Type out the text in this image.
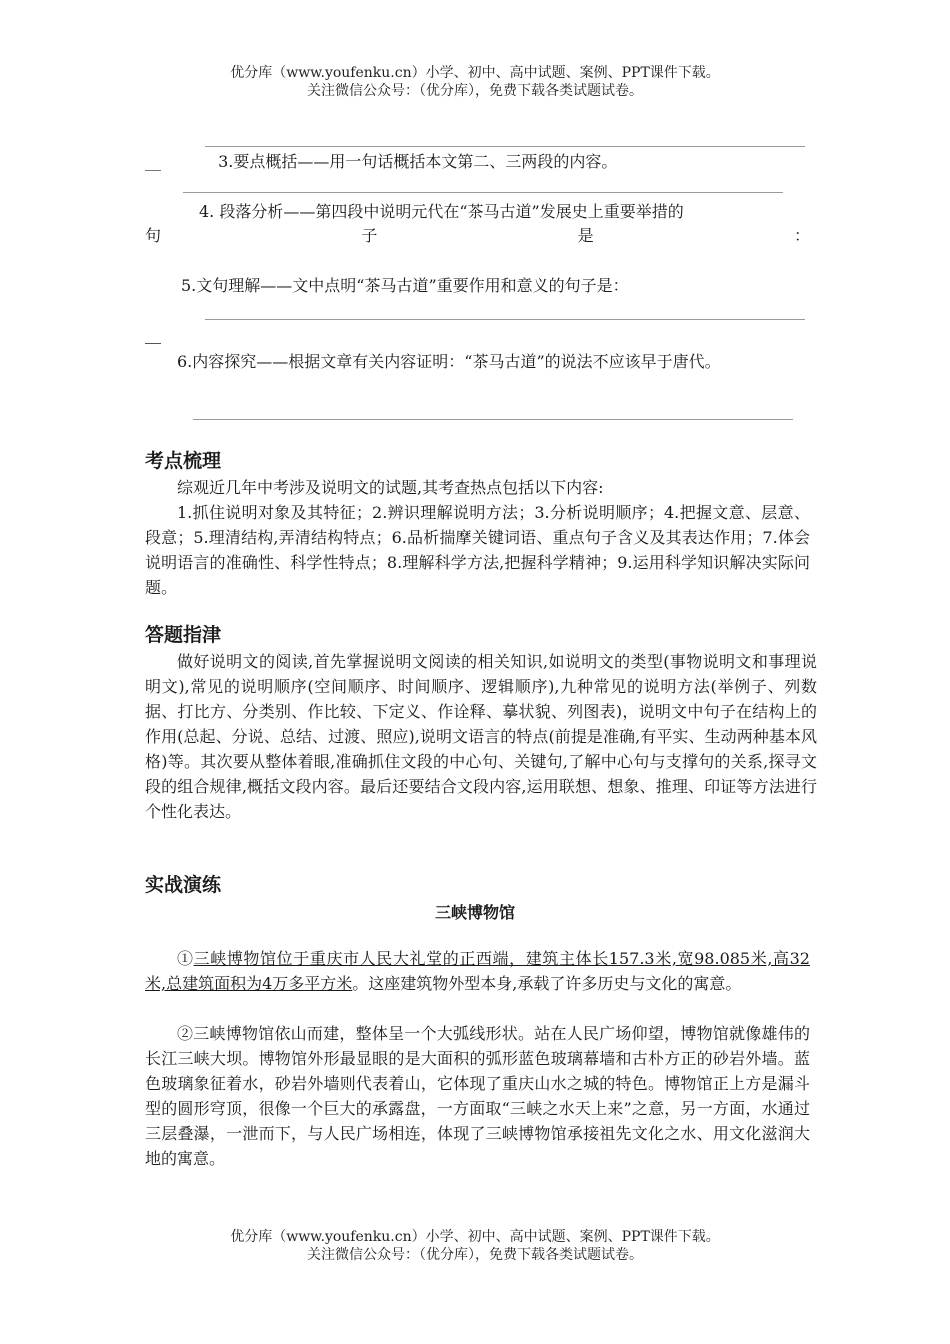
优分库（www.youfenku.cn）小学、初中、高中试题、案例、PPT课件下载。
关注微信公众号：（优分库），免费下载各类试题试卷。
__	3.要点概括——用一句话概括本文第二、三两段的内容。
4. 段落分析——第四段中说明元代在“茶马古道”发展史上重要举措的
句	子	是	：
5.文句理解——文中点明“茶马古道”重要作用和意义的句子是：
6.内容探究——根据文章有关内容证明：“茶马古道”的说法不应该早于唐代。
考点梳理
综观近几年中考涉及说明文的试题,其考查热点包括以下内容:
1.抓住说明对象及其特征；2.辨识理解说明方法；3.分析说明顺序；4.把握文意、层意、段意；5.理清结构,弄清结构特点；6.品析揣摩关键词语、重点句子含义及其表达作用；7.体会说明语言的准确性、科学性特点；8.理解科学方法,把握科学精神；9.运用科学知识解决实际问题。
答题指津
做好说明文的阅读,首先掌握说明文阅读的相关知识,如说明文的类型(事物说明文和事理说明文),常见的说明顺序(空间顺序、时间顺序、逻辑顺序),九种常见的说明方法(举例子、列数据、打比方、分类别、作比较、下定义、作诠释、摹状貌、列图表)，说明文中句子在结构上的作用(总起、分说、总结、过渡、照应),说明文语言的特点(前提是准确,有平实、生动两种基本风格)等。其次要从整体着眼,准确抓住文段的中心句、关键句,了解中心句与支撑句的关系,探寻文段的组合规律,概括文段内容。最后还要结合文段内容,运用联想、想象、推理、印证等方法进行个性化表达。
实战演练
三峡博物馆
①三峡博物馆位于重庆市人民大礼堂的正西端，建筑主体长157.3米,宽98.085米,高32米,总建筑面积为4万多平方米。这座建筑物外型本身,承载了许多历史与文化的寓意。
②三峡博物馆依山而建，整体呈一个大弧线形状。站在人民广场仰望，博物馆就像雄伟的长江三峡大坝。博物馆外形最显眼的是大面积的弧形蓝色玻璃幕墙和古朴方正的砂岩外墙。蓝色玻璃象征着水，砂岩外墙则代表着山，它体现了重庆山水之城的特色。博物馆正上方是漏斗型的圆形穹顶，很像一个巨大的承露盘，一方面取“三峡之水天上来”之意，另一方面，水通过三层叠瀑，一泄而下，与人民广场相连，体现了三峡博物馆承接祖先文化之水、用文化滋润大地的寓意。
优分库（www.youfenku.cn）小学、初中、高中试题、案例、PPT课件下载。
关注微信公众号：（优分库），免费下载各类试题试卷。
